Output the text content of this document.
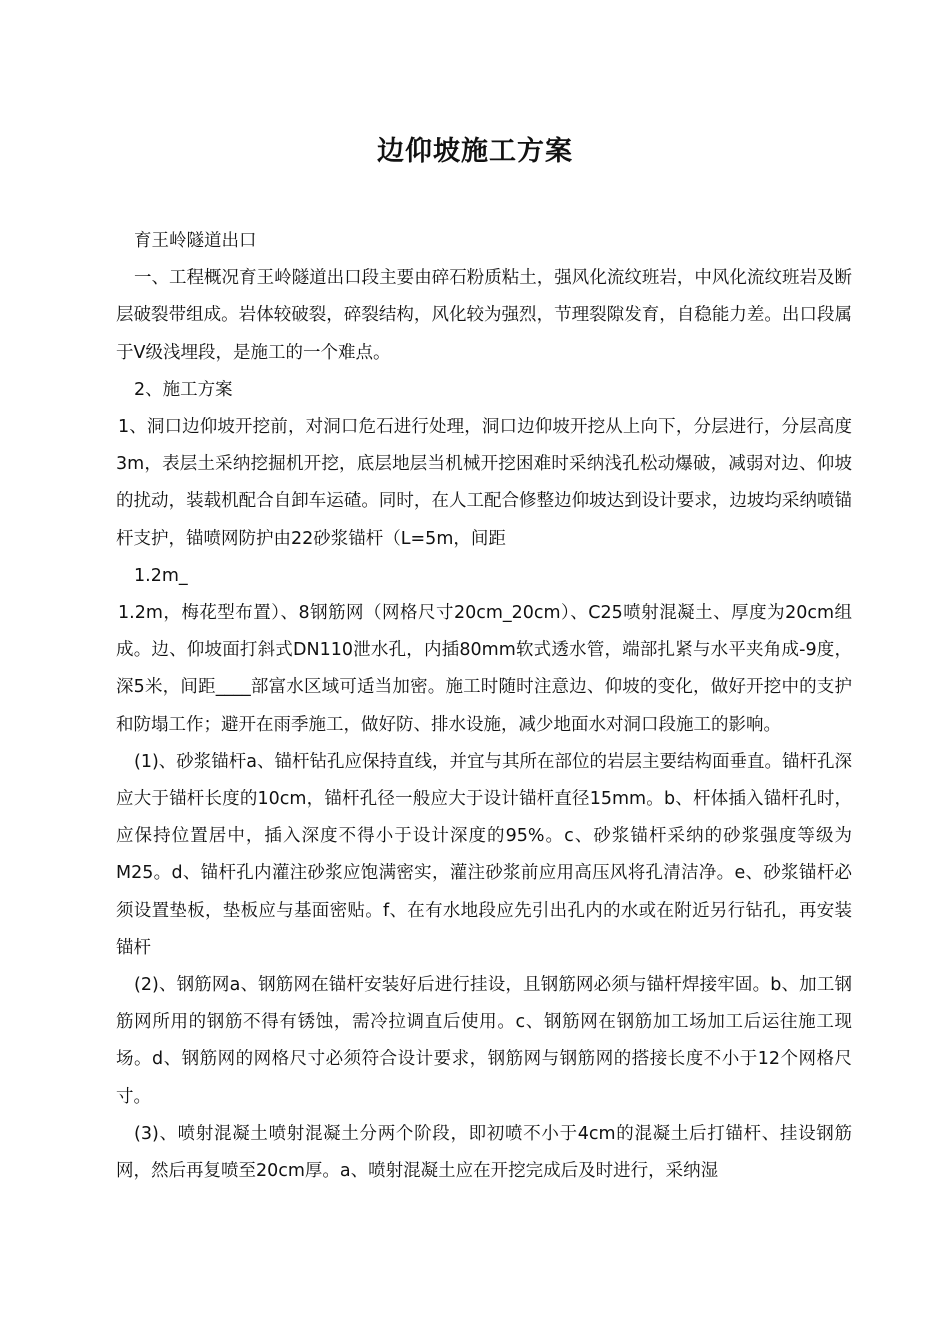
边仰坡施工方案

育王岭隧道出口

一、工程概况育王岭隧道出口段主要由碎石粉质粘土，强风化流纹班岩，中风化流纹班岩及断层破裂带组成。岩体较破裂，碎裂结构，风化较为强烈，节理裂隙发育，自稳能力差。出口段属于Ⅴ级浅埋段，是施工的一个难点。

2、施工方案

1、洞口边仰坡开挖前，对洞口危石进行处理，洞口边仰坡开挖从上向下，分层进行，分层高度3m，表层土采纳挖掘机开挖，底层地层当机械开挖困难时采纳浅孔松动爆破，减弱对边、仰坡的扰动，装载机配合自卸车运碴。同时，在人工配合修整边仰坡达到设计要求，边坡均采纳喷锚杆支护，锚喷网防护由22砂浆锚杆（L=5m，间距

1.2m_

1.2m，梅花型布置）、8钢筋网（网格尺寸20cm_20cm）、C25喷射混凝土、厚度为20cm组成。边、仰坡面打斜式DN110泄水孔，内插80mm软式透水管，端部扎紧与水平夹角成-9度，深5米，间距____部富水区域可适当加密。施工时随时注意边、仰坡的变化，做好开挖中的支护和防塌工作；避开在雨季施工，做好防、排水设施，减少地面水对洞口段施工的影响。

(1)、砂浆锚杆a、锚杆钻孔应保持直线，并宜与其所在部位的岩层主要结构面垂直。锚杆孔深应大于锚杆长度的10cm，锚杆孔径一般应大于设计锚杆直径15mm。b、杆体插入锚杆孔时，应保持位置居中，插入深度不得小于设计深度的95%。c、砂浆锚杆采纳的砂浆强度等级为M25。d、锚杆孔内灌注砂浆应饱满密实，灌注砂浆前应用高压风将孔清洁净。e、砂浆锚杆必须设置垫板，垫板应与基面密贴。f、在有水地段应先引出孔内的水或在附近另行钻孔，再安装锚杆

(2)、钢筋网a、钢筋网在锚杆安装好后进行挂设，且钢筋网必须与锚杆焊接牢固。b、加工钢筋网所用的钢筋不得有锈蚀，需冷拉调直后使用。c、钢筋网在钢筋加工场加工后运往施工现场。d、钢筋网的网格尺寸必须符合设计要求，钢筋网与钢筋网的搭接长度不小于12个网格尺寸。

(3)、喷射混凝土喷射混凝土分两个阶段，即初喷不小于4cm的混凝土后打锚杆、挂设钢筋网，然后再复喷至20cm厚。a、喷射混凝土应在开挖完成后及时进行，采纳湿
